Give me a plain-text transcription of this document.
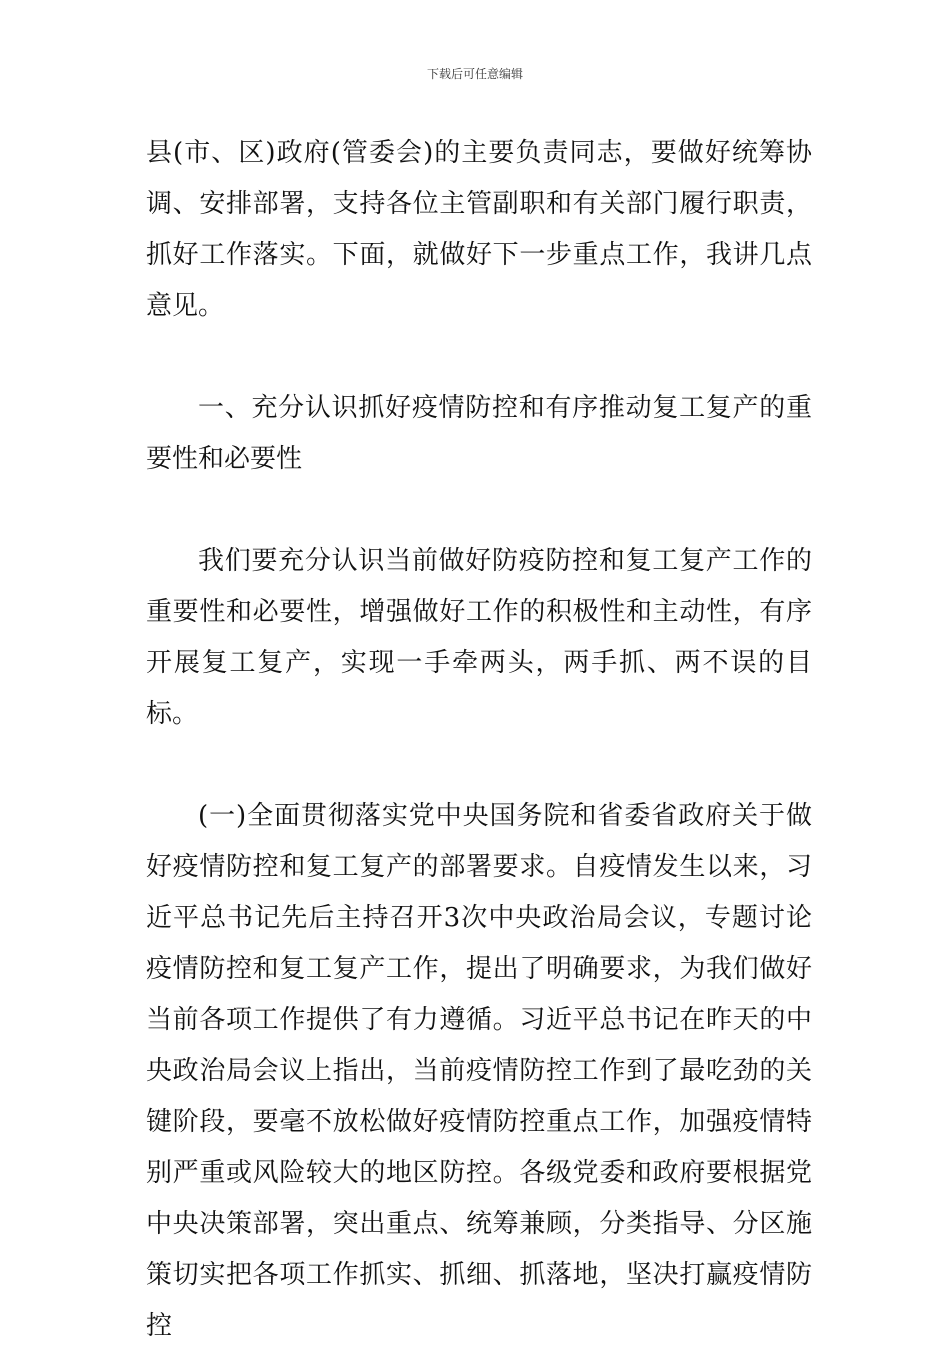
下载后可任意编辑

县(市、区)政府(管委会)的主要负责同志，要做好统筹协调、安排部署，支持各位主管副职和有关部门履行职责，抓好工作落实。下面，就做好下一步重点工作，我讲几点意见。

一、充分认识抓好疫情防控和有序推动复工复产的重要性和必要性

我们要充分认识当前做好防疫防控和复工复产工作的重要性和必要性，增强做好工作的积极性和主动性，有序开展复工复产，实现一手牵两头，两手抓、两不误的目标。

(一)全面贯彻落实党中央国务院和省委省政府关于做好疫情防控和复工复产的部署要求。自疫情发生以来，习近平总书记先后主持召开3次中央政治局会议，专题讨论疫情防控和复工复产工作，提出了明确要求，为我们做好当前各项工作提供了有力遵循。习近平总书记在昨天的中央政治局会议上指出，当前疫情防控工作到了最吃劲的关键阶段，要毫不放松做好疫情防控重点工作，加强疫情特别严重或风险较大的地区防控。各级党委和政府要根据党中央决策部署，突出重点、统筹兼顾，分类指导、分区施策切实把各项工作抓实、抓细、抓落地，坚决打赢疫情防控
